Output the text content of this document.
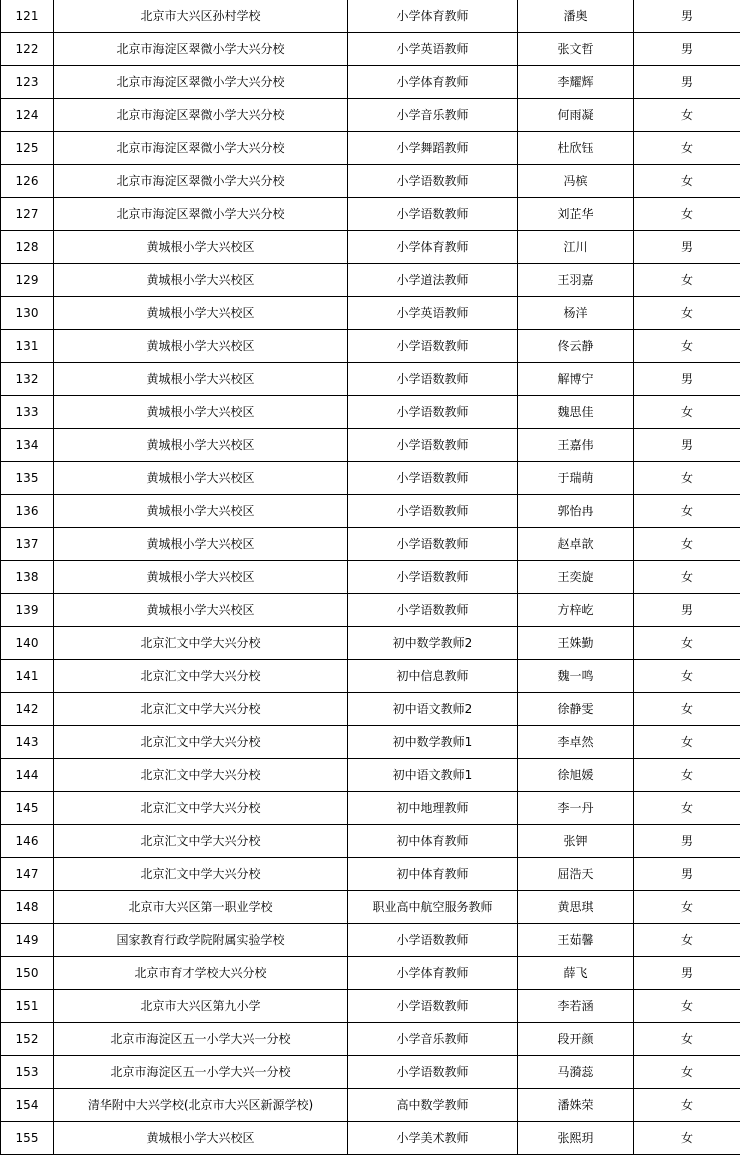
121	北京市大兴区孙村学校	小学体育教师	潘奥	男
122	北京市海淀区翠微小学大兴分校	小学英语教师	张文哲	男
123	北京市海淀区翠微小学大兴分校	小学体育教师	李耀辉	男
124	北京市海淀区翠微小学大兴分校	小学音乐教师	何雨凝	女
125	北京市海淀区翠微小学大兴分校	小学舞蹈教师	杜欣钰	女
126	北京市海淀区翠微小学大兴分校	小学语数教师	冯槟	女
127	北京市海淀区翠微小学大兴分校	小学语数教师	刘芷华	女
128	黄城根小学大兴校区	小学体育教师	江川	男
129	黄城根小学大兴校区	小学道法教师	王羽嘉	女
130	黄城根小学大兴校区	小学英语教师	杨洋	女
131	黄城根小学大兴校区	小学语数教师	佟云静	女
132	黄城根小学大兴校区	小学语数教师	解博宁	男
133	黄城根小学大兴校区	小学语数教师	魏思佳	女
134	黄城根小学大兴校区	小学语数教师	王嘉伟	男
135	黄城根小学大兴校区	小学语数教师	于瑞萌	女
136	黄城根小学大兴校区	小学语数教师	郭怡冉	女
137	黄城根小学大兴校区	小学语数教师	赵卓歆	女
138	黄城根小学大兴校区	小学语数教师	王奕旋	女
139	黄城根小学大兴校区	小学语数教师	方梓屹	男
140	北京汇文中学大兴分校	初中数学教师2	王姝勤	女
141	北京汇文中学大兴分校	初中信息教师	魏一鸣	女
142	北京汇文中学大兴分校	初中语文教师2	徐静雯	女
143	北京汇文中学大兴分校	初中数学教师1	李卓然	女
144	北京汇文中学大兴分校	初中语文教师1	徐旭媛	女
145	北京汇文中学大兴分校	初中地理教师	李一丹	女
146	北京汇文中学大兴分校	初中体育教师	张钾	男
147	北京汇文中学大兴分校	初中体育教师	屈浩天	男
148	北京市大兴区第一职业学校	职业高中航空服务教师	黄思琪	女
149	国家教育行政学院附属实验学校	小学语数教师	王茹馨	女
150	北京市育才学校大兴分校	小学体育教师	薛飞	男
151	北京市大兴区第九小学	小学语数教师	李若涵	女
152	北京市海淀区五一小学大兴一分校	小学音乐教师	段开颜	女
153	北京市海淀区五一小学大兴一分校	小学语数教师	马漪蕊	女
154	清华附中大兴学校(北京市大兴区新源学校)	高中数学教师	潘姝荣	女
155	黄城根小学大兴校区	小学美术教师	张熙玥	女
